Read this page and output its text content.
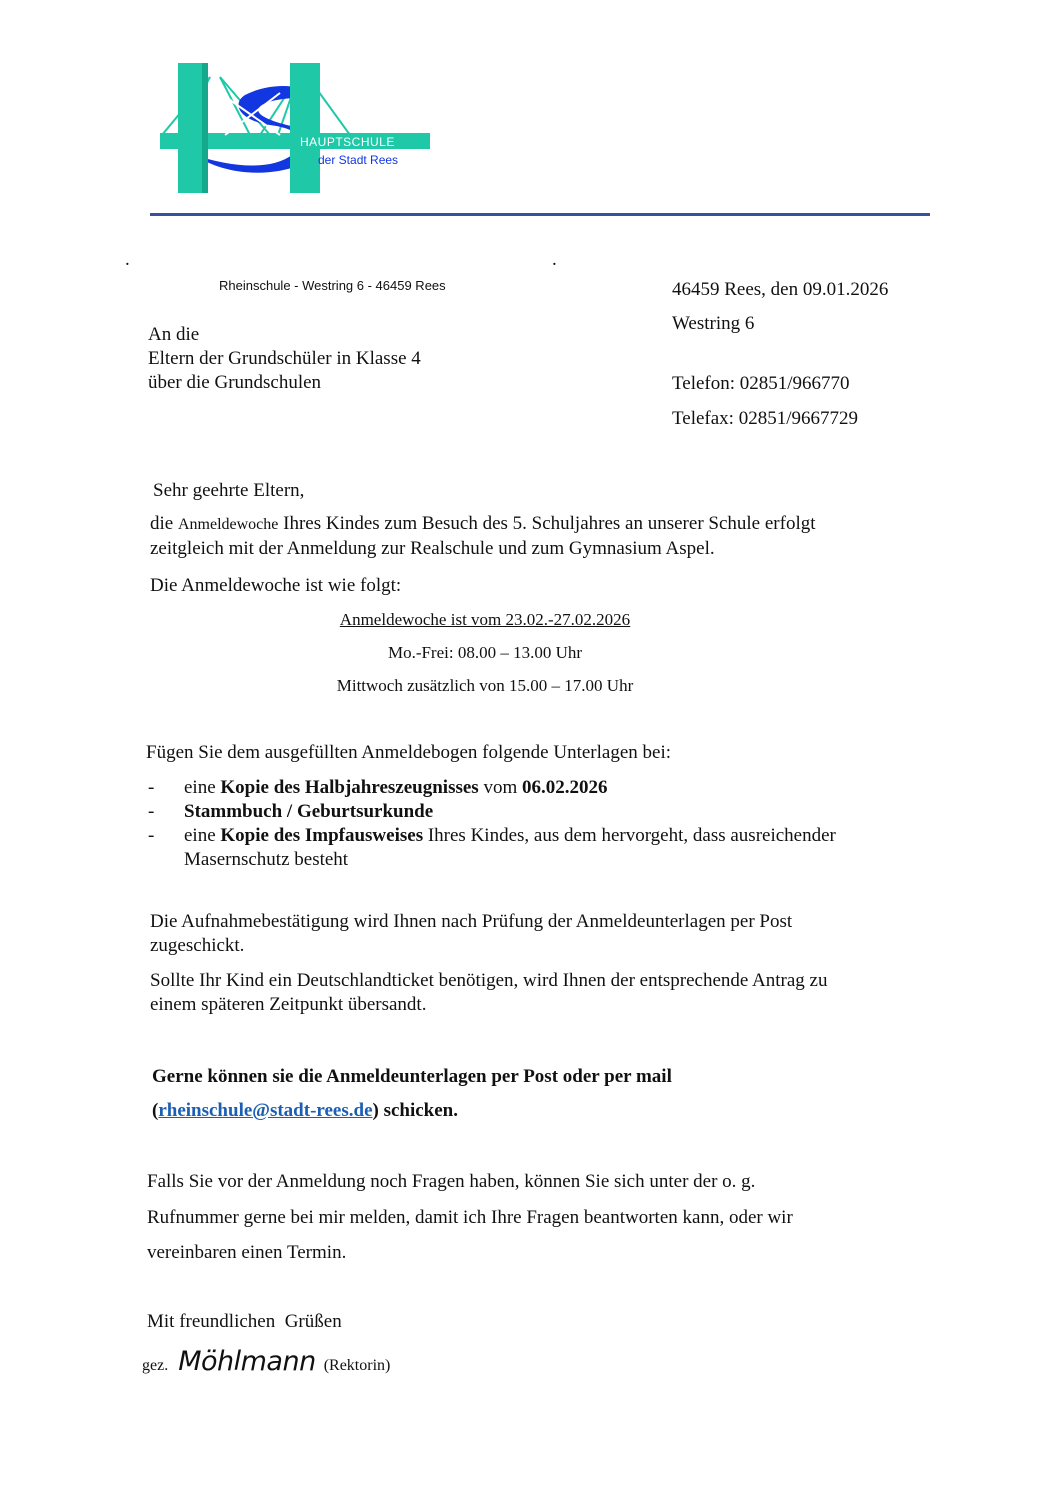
HAUPTSCHULE
der Stadt Rees
.	.
Rheinschule - Westring 6 - 46459 Rees
An die
Eltern der Grundschüler in Klasse 4
über die Grundschulen
46459 Rees, den 09.01.2026
Westring 6
Telefon: 02851/966770
Telefax: 02851/9667729
Sehr geehrte Eltern,
die Anmeldewoche Ihres Kindes zum Besuch des 5. Schuljahres an unserer Schule erfolgt
zeitgleich mit der Anmeldung zur Realschule und zum Gymnasium Aspel.
Die Anmeldewoche ist wie folgt:
Anmeldewoche ist vom 23.02.-27.02.2026
Mo.-Frei: 08.00 – 13.00 Uhr
Mittwoch zusätzlich von 15.00 – 17.00 Uhr
Fügen Sie dem ausgefüllten Anmeldebogen folgende Unterlagen bei:
- eine Kopie des Halbjahreszeugnisses vom 06.02.2026
- Stammbuch / Geburtsurkunde
- eine Kopie des Impfausweises Ihres Kindes, aus dem hervorgeht, dass ausreichender
Masernschutz besteht
Die Aufnahmebestätigung wird Ihnen nach Prüfung der Anmeldeunterlagen per Post
zugeschickt.
Sollte Ihr Kind ein Deutschlandticket benötigen, wird Ihnen der entsprechende Antrag zu
einem späteren Zeitpunkt übersandt.
Gerne können sie die Anmeldeunterlagen per Post oder per mail
(rheinschule@stadt-rees.de) schicken.
Falls Sie vor der Anmeldung noch Fragen haben, können Sie sich unter der o. g.
Rufnummer gerne bei mir melden, damit ich Ihre Fragen beantworten kann, oder wir
vereinbaren einen Termin.
Mit freundlichen  Grüßen
gez. Möhlmann (Rektorin)
